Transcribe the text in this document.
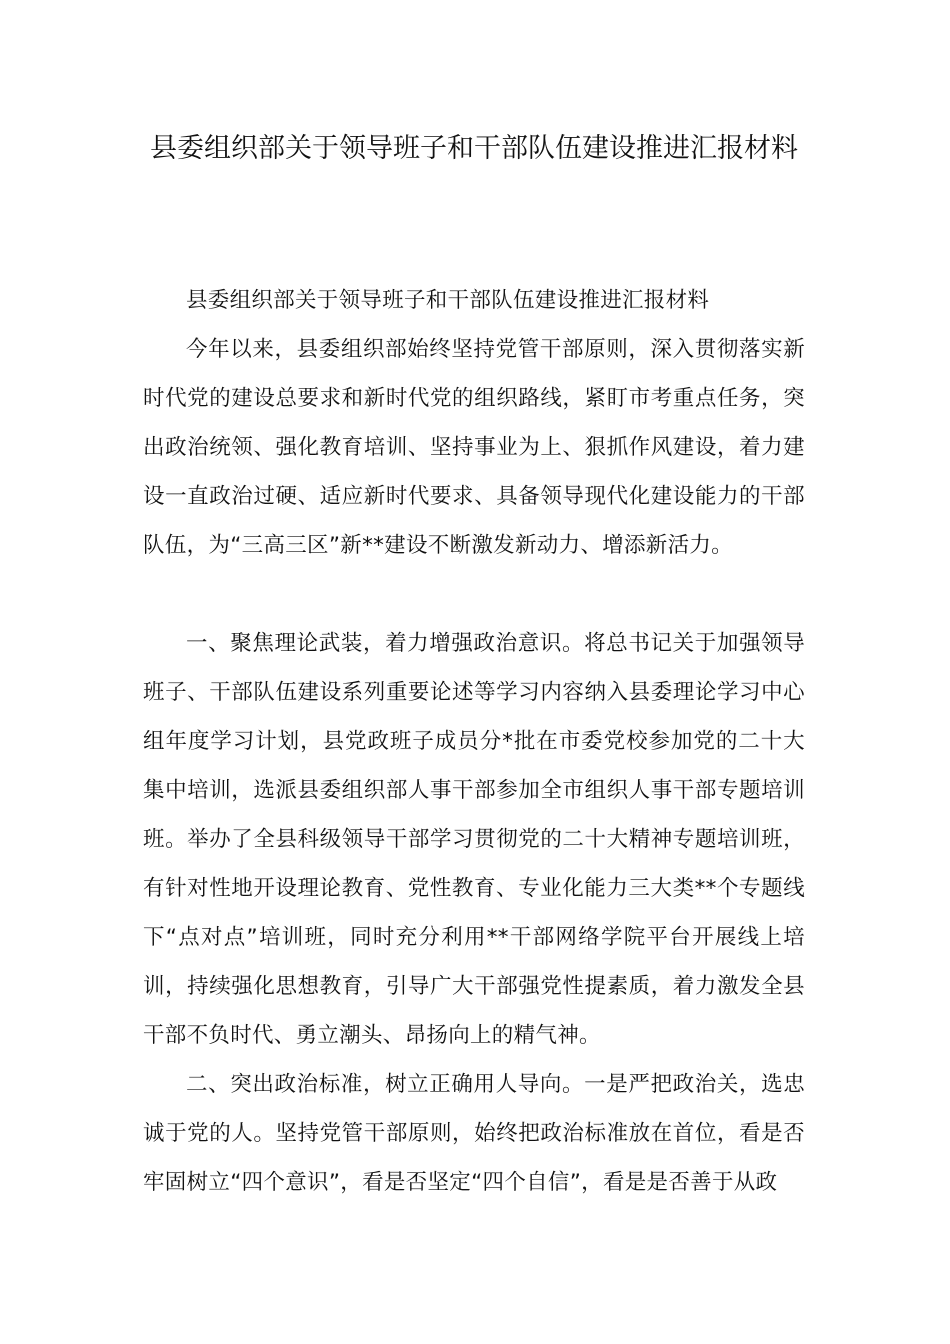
县委组织部关于领导班子和干部队伍建设推进汇报材料

县委组织部关于领导班子和干部队伍建设推进汇报材料

今年以来，县委组织部始终坚持党管干部原则，深入贯彻落实新时代党的建设总要求和新时代党的组织路线，紧盯市考重点任务，突出政治统领、强化教育培训、坚持事业为上、狠抓作风建设，着力建设一直政治过硬、适应新时代要求、具备领导现代化建设能力的干部队伍，为“三高三区”新**建设不断激发新动力、增添新活力。

一、聚焦理论武装，着力增强政治意识。将总书记关于加强领导班子、干部队伍建设系列重要论述等学习内容纳入县委理论学习中心组年度学习计划，县党政班子成员分*批在市委党校参加党的二十大集中培训，选派县委组织部人事干部参加全市组织人事干部专题培训班。举办了全县科级领导干部学习贯彻党的二十大精神专题培训班，有针对性地开设理论教育、党性教育、专业化能力三大类**个专题线下“点对点”培训班，同时充分利用**干部网络学院平台开展线上培训，持续强化思想教育，引导广大干部强党性提素质，着力激发全县干部不负时代、勇立潮头、昂扬向上的精气神。

二、突出政治标准，树立正确用人导向。一是严把政治关，选忠诚于党的人。坚持党管干部原则，始终把政治标准放在首位，看是否牢固树立“四个意识”，看是否坚定“四个自信”，看是是否善于从政
